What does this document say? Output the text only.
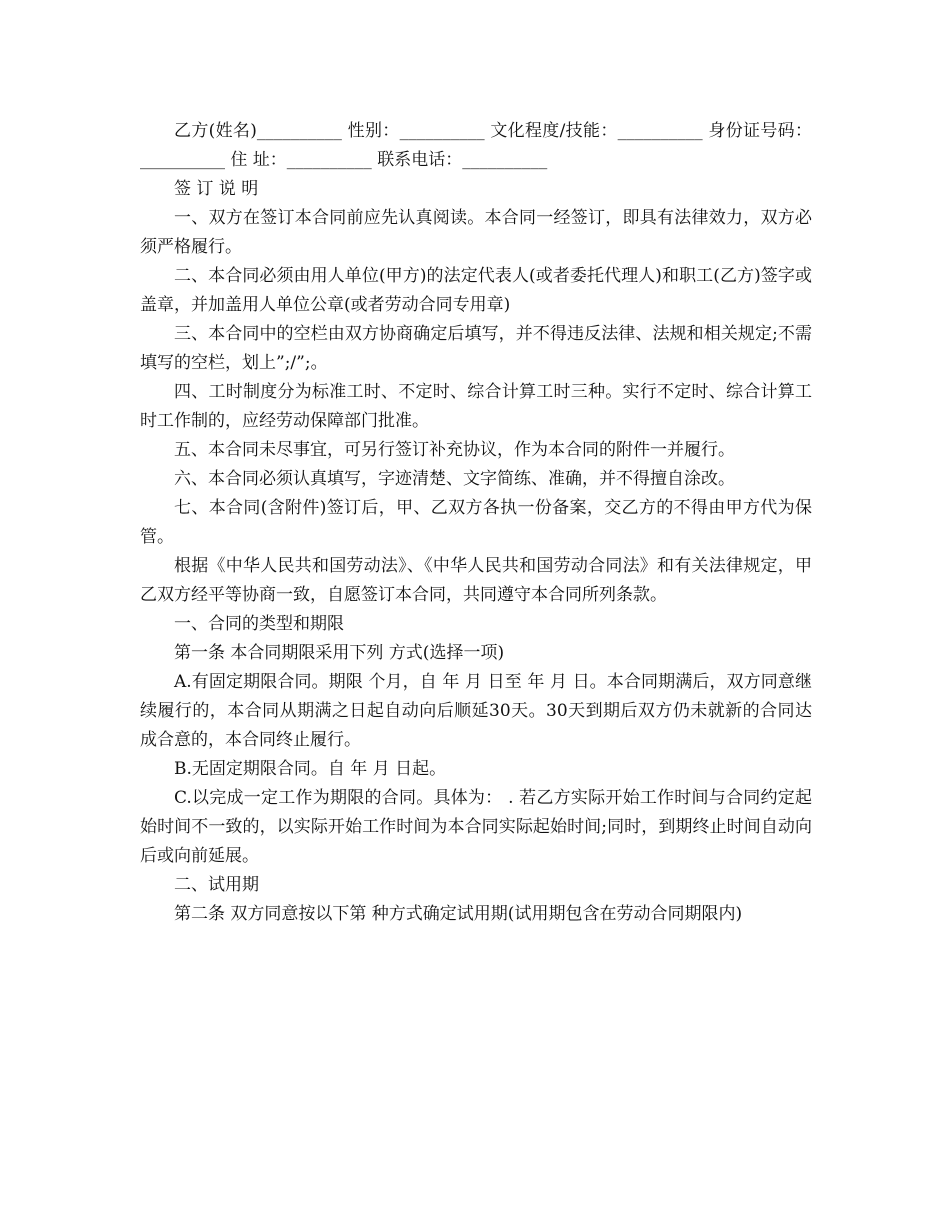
乙方(姓名)__________ 性别：__________ 文化程度/技能：__________ 身份证号码：__________ 住 址：__________ 联系电话：__________

签 订 说 明

一、双方在签订本合同前应先认真阅读。本合同一经签订，即具有法律效力，双方必须严格履行。

二、本合同必须由用人单位(甲方)的法定代表人(或者委托代理人)和职工(乙方)签字或盖章，并加盖用人单位公章(或者劳动合同专用章)

三、本合同中的空栏由双方协商确定后填写，并不得违反法律、法规和相关规定;不需填写的空栏，划上”;/”;。

四、工时制度分为标准工时、不定时、综合计算工时三种。实行不定时、综合计算工时工作制的，应经劳动保障部门批准。

五、本合同未尽事宜，可另行签订补充协议，作为本合同的附件一并履行。

六、本合同必须认真填写，字迹清楚、文字简练、准确，并不得擅自涂改。

七、本合同(含附件)签订后，甲、乙双方各执一份备案，交乙方的不得由甲方代为保管。

根据《中华人民共和国劳动法》、《中华人民共和国劳动合同法》和有关法律规定，甲乙双方经平等协商一致，自愿签订本合同，共同遵守本合同所列条款。

一、合同的类型和期限

第一条 本合同期限采用下列 方式(选择一项)

A.有固定期限合同。期限 个月，自 年 月 日至 年 月 日。本合同期满后，双方同意继续履行的，本合同从期满之日起自动向后顺延30天。30天到期后双方仍未就新的合同达成合意的，本合同终止履行。

B.无固定期限合同。自 年 月 日起。

C.以完成一定工作为期限的合同。具体为： . 若乙方实际开始工作时间与合同约定起始时间不一致的，以实际开始工作时间为本合同实际起始时间;同时，到期终止时间自动向后或向前延展。

二、试用期

第二条 双方同意按以下第 种方式确定试用期(试用期包含在劳动合同期限内)
